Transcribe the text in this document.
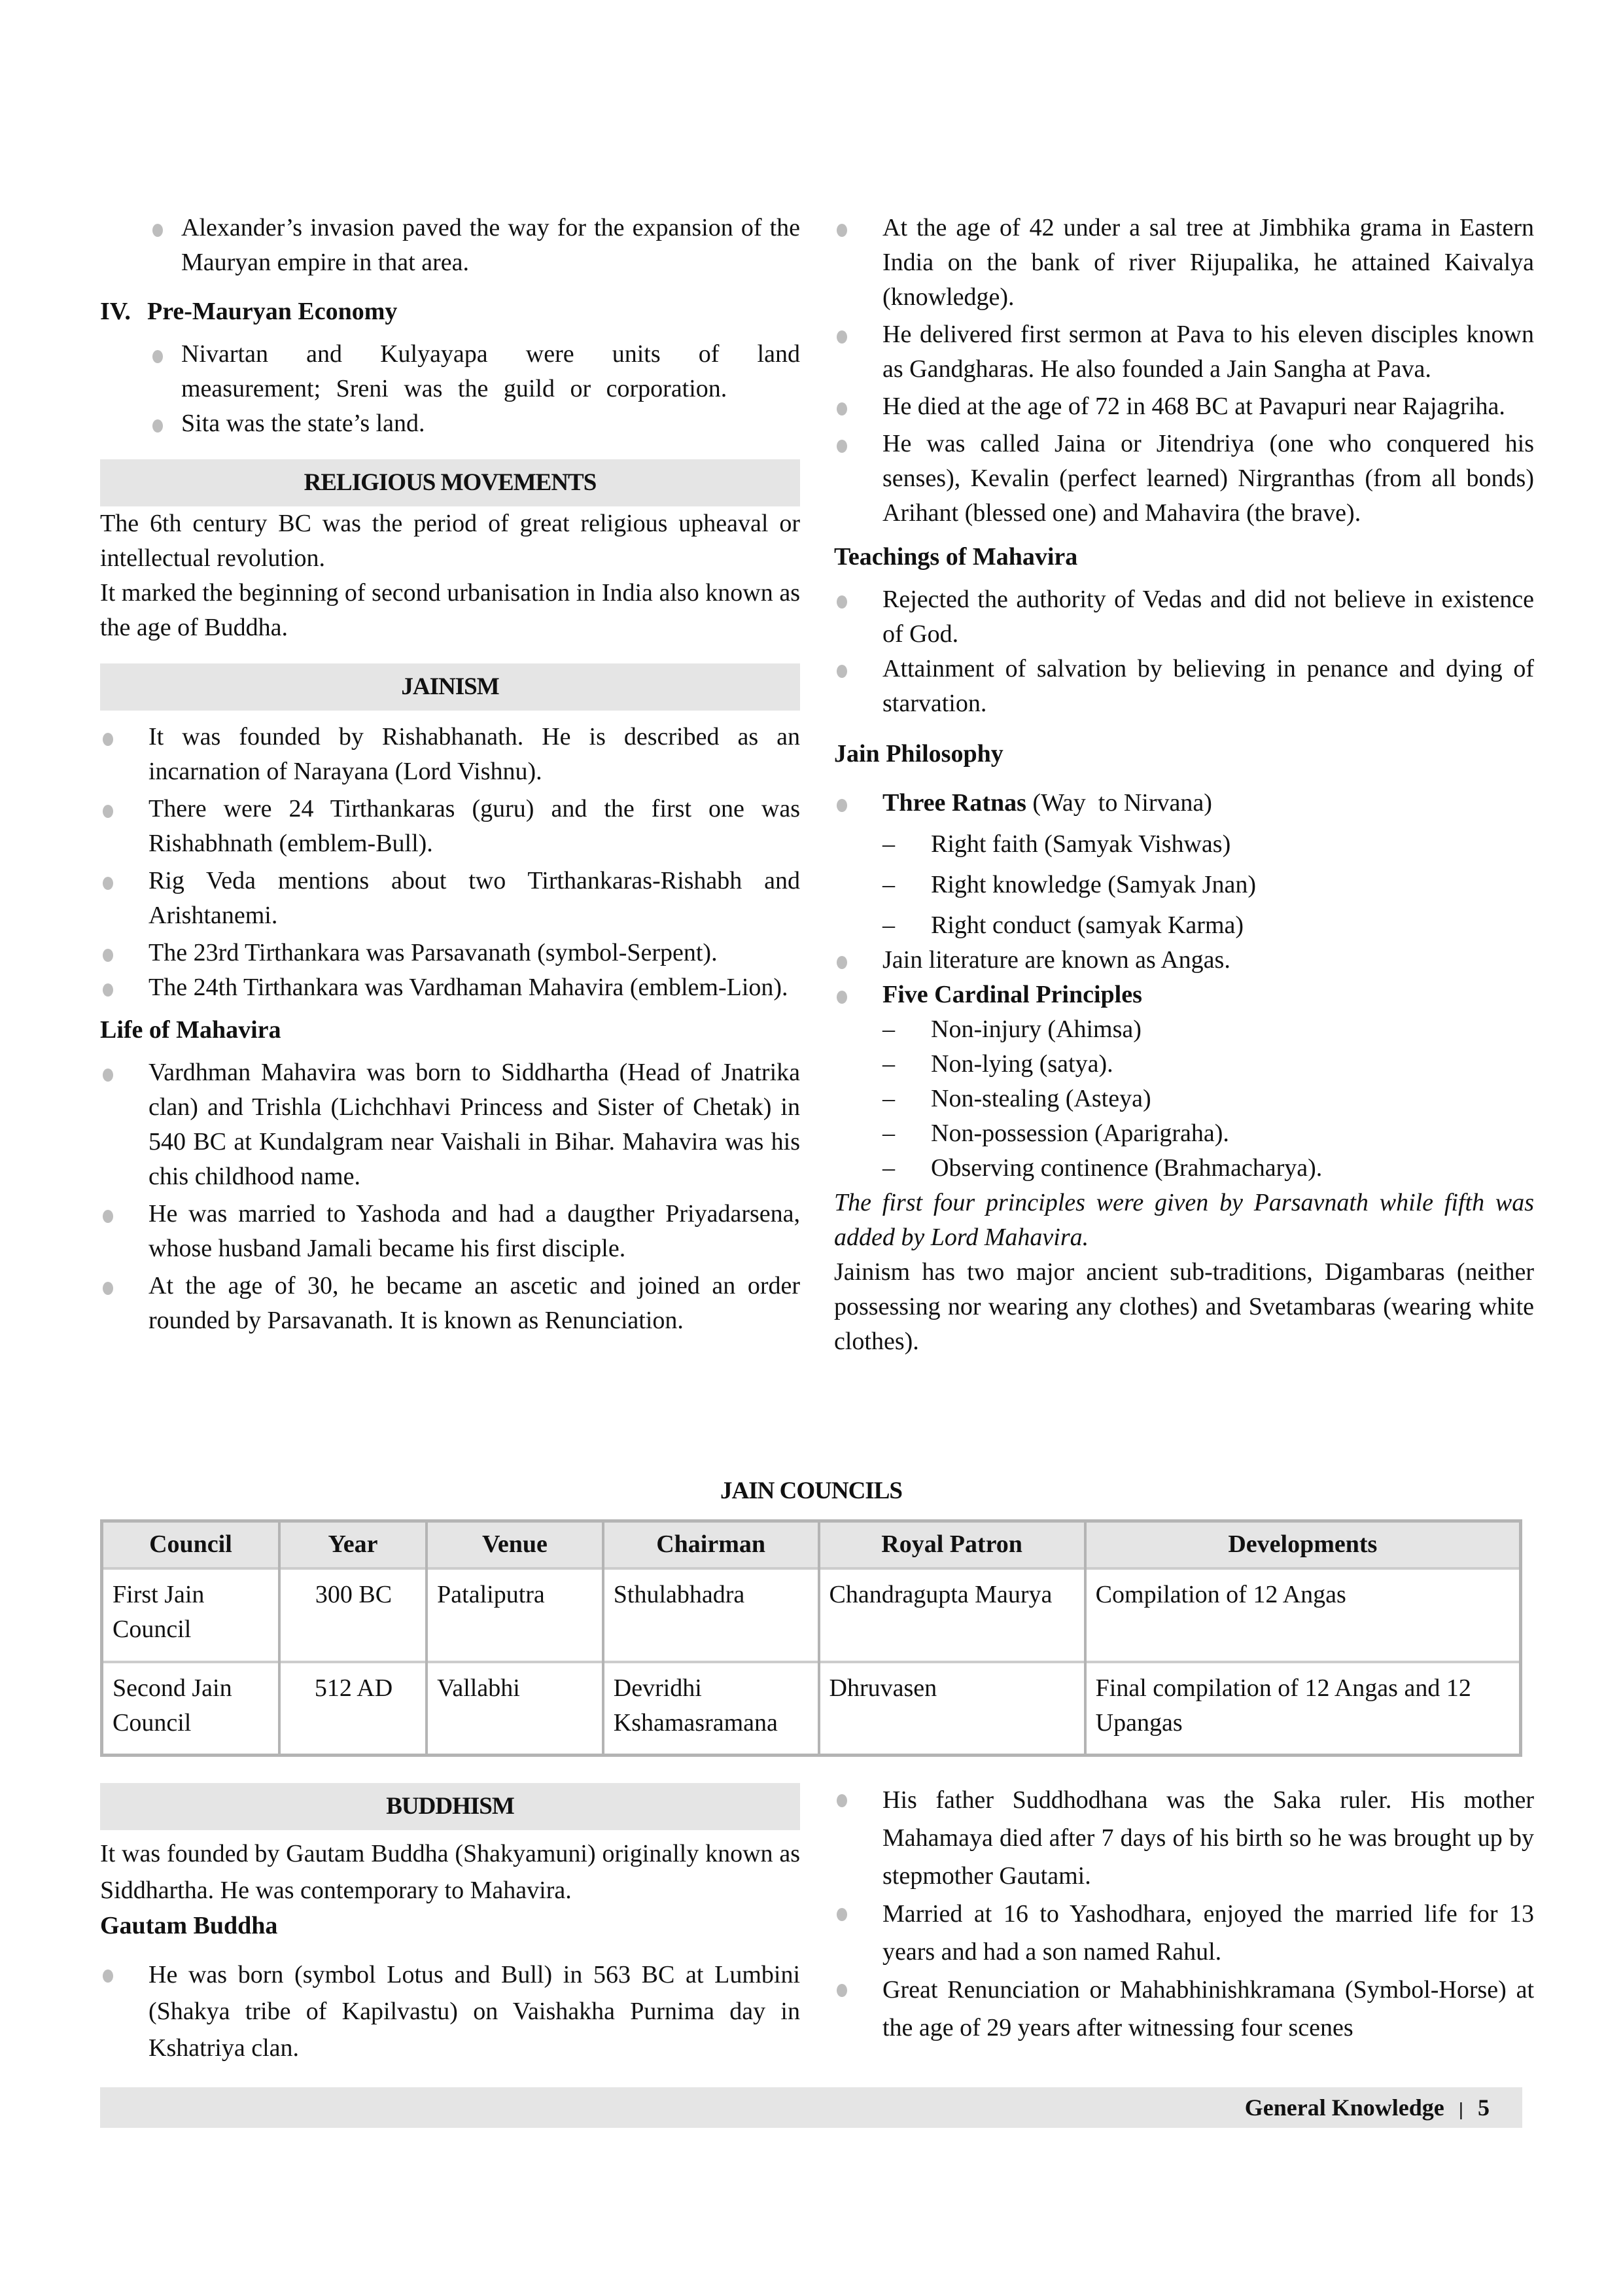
Alexander’s invasion paved the way for the expansion of the Mauryan empire in that area.
IV. Pre-Mauryan Economy
Nivartan and Kulyayapa were units of land measurement; Sreni was the guild or corporation.
Sita was the state’s land.
RELIGIOUS MOVEMENTS

The 6th century BC was the period of great religious upheaval or intellectual revolution.

It marked the beginning of second urbanisation in India also known as the age of Buddha.

JAINISM
It was founded by Rishabhanath. He is described as an incarnation of Narayana (Lord Vishnu).
There were 24 Tirthankaras (guru) and the first one was Rishabhnath (emblem-Bull).
Rig Veda mentions about two Tirthankaras-Rishabh and Arishtanemi.
The 23rd Tirthankara was Parsavanath (symbol-Serpent).
The 24th Tirthankara was Vardhaman Mahavira (emblem-Lion).
Life of Mahavira
Vardhman Mahavira was born to Siddhartha (Head of Jnatrika clan) and Trishla (Lichchhavi Princess and Sister of Chetak) in 540 BC at Kundalgram near Vaishali in Bihar. Mahavira was his chis childhood name.
He was married to Yashoda and had a daugther Priyadarsena, whose husband Jamali became his first disciple.
At the age of 30, he became an ascetic and joined an order rounded by Parsavanath. It is known as Renunciation.
At the age of 42 under a sal tree at Jimbhika grama in Eastern India on the bank of river Rijupalika, he attained Kaivalya (knowledge).
He delivered first sermon at Pava to his eleven disciples known as Gandgharas. He also founded a Jain Sangha at Pava.
He died at the age of 72 in 468 BC at Pavapuri near Rajagriha.
He was called Jaina or Jitendriya (one who conquered his senses), Kevalin (perfect learned) Nirgranthas (from all bonds) Arihant (blessed one) and Mahavira (the brave).
Teachings of Mahavira
Rejected the authority of Vedas and did not believe in existence of God.
Attainment of salvation by believing in penance and dying of starvation.
Jain Philosophy
Three Ratnas (Way  to Nirvana)
– Right faith (Samyak Vishwas)
– Right knowledge (Samyak Jnan)
– Right conduct (samyak Karma)
Jain literature are known as Angas.
Five Cardinal Principles
– Non-injury (Ahimsa)
– Non-lying (satya).
– Non-stealing (Asteya)
– Non-possession (Aparigraha).
– Observing continence (Brahmacharya).

The first four principles were given by Parsavnath while fifth was added by Lord Mahavira.

Jainism has two major ancient sub-traditions, Digambaras (neither possessing nor wearing any clothes) and Svetambaras (wearing white clothes).

JAIN COUNCILS
Council	Year	Venue	Chairman	Royal Patron	Developments
First Jain Council	300 BC	Pataliputra	Sthulabhadra	Chandragupta Maurya	Compilation of 12 Angas
Second Jain Council	512 AD	Vallabhi	Devridhi Kshamasramana	Dhruvasen	Final compilation of 12 Angas and 12 Upangas
BUDDHISM

It was founded by Gautam Buddha (Shakyamuni) originally known as Siddhartha. He was contemporary to Mahavira.

Gautam Buddha
He was born (symbol Lotus and Bull) in 563 BC at Lumbini (Shakya tribe of Kapilvastu) on Vaishakha Purnima day in Kshatriya clan.
His father Suddhodhana was the Saka ruler. His mother Mahamaya died after 7 days of his birth so he was brought up by stepmother Gautami.
Married at 16 to Yashodhara, enjoyed the married life for 13 years and had a son named Rahul.
Great Renunciation or Mahabhinishkramana (Symbol-Horse) at the age of 29 years after witnessing four scenes
General Knowledge | 5
